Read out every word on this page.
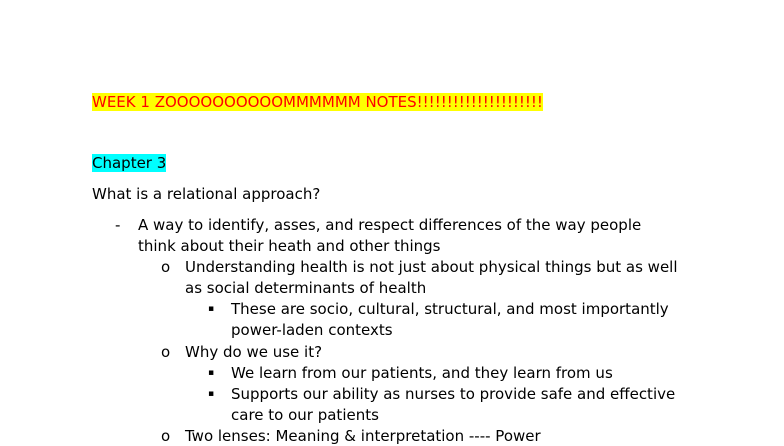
WEEK 1 ZOOOOOOOOOOMMMMMM NOTES!!!!!!!!!!!!!!!!!!!!!
Chapter 3
What is a relational approach?
- A way to identify, asses, and respect differences of the way people
think about their heath and other things
o Understanding health is not just about physical things but as well
as social determinants of health
▪ These are socio, cultural, structural, and most importantly
power-laden contexts
o Why do we use it?
▪ We learn from our patients, and they learn from us
▪ Supports our ability as nurses to provide safe and effective
care to our patients
o Two lenses: Meaning & interpretation ---- Power
